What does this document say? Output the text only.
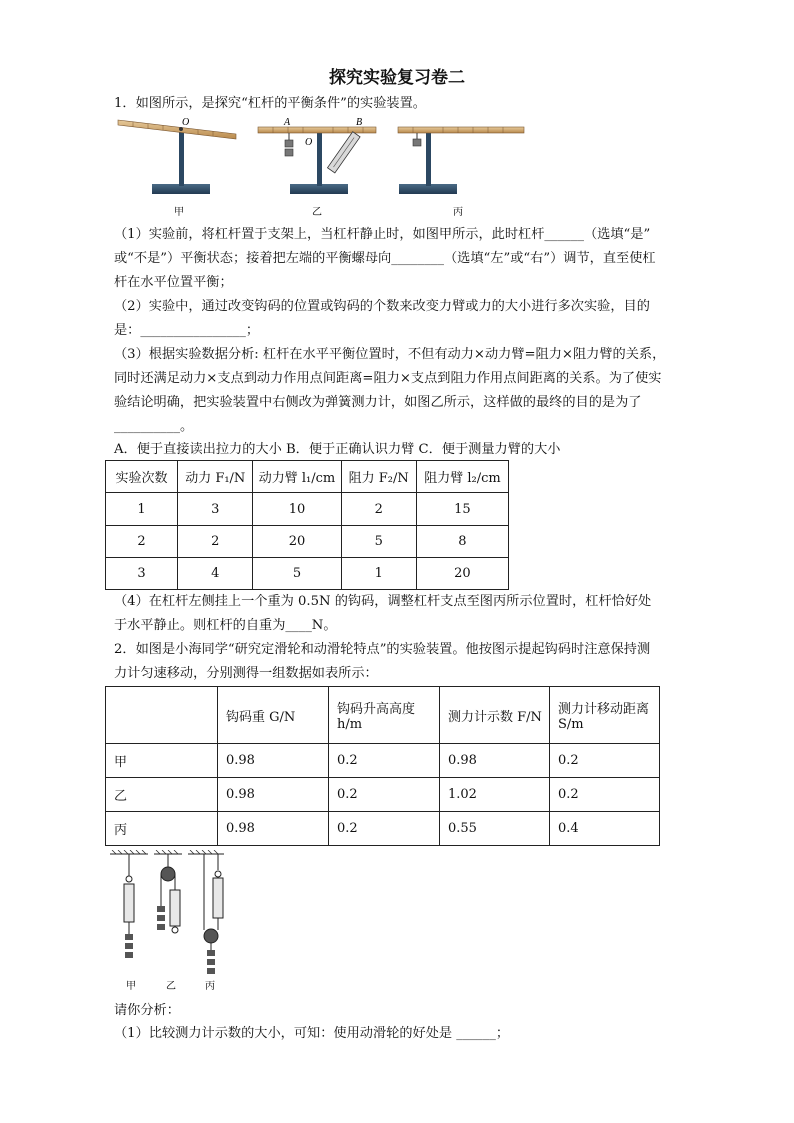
探究实验复习卷二
1．如图所示，是探究“杠杆的平衡条件”的实验装置。
O	A	B
O
甲	乙	丙
（1）实验前，将杠杆置于支架上，当杠杆静止时，如图甲所示，此时杠杆______（选填“是”
或“不是”）平衡状态；接着把左端的平衡螺母向________（选填“左”或“右”）调节，直至使杠
杆在水平位置平衡；
（2）实验中，通过改变钩码的位置或钩码的个数来改变力臂或力的大小进行多次实验，目的
是：________________；
（3）根据实验数据分析: 杠杆在水平平衡位置时，不但有动力×动力臂=阻力×阻力臂的关系，
同时还满足动力×支点到动力作用点间距离=阻力×支点到阻力作用点间距离的关系。为了使实
验结论明确，把实验装置中右侧改为弹簧测力计，如图乙所示，这样做的最终的目的是为了
__________。
A．便于直接读出拉力的大小 B．便于正确认识力臂 C．便于测量力臂的大小
实验次数	动力 F₁/N	动力臂 l₁/cm	阻力 F₂/N	阻力臂 l₂/cm
1	3	10	2	15
2	2	20	5	8
3	4	5	1	20
（4）在杠杆左侧挂上一个重为 0.5N 的钩码，调整杠杆支点至图丙所示位置时，杠杆恰好处
于水平静止。则杠杆的自重为____N。
2．如图是小海同学“研究定滑轮和动滑轮特点”的实验装置。他按图示提起钩码时注意保持测
力计匀速移动，分别测得一组数据如表所示：
	钩码重 G/N	钩码升高高度 h/m	测力计示数 F/N	测力计移动距离 S/m
甲	0.98	0.2	0.98	0.2
乙	0.98	0.2	1.02	0.2
丙	0.98	0.2	0.55	0.4
甲	乙	丙
请你分析：
（1）比较测力计示数的大小，可知：使用动滑轮的好处是 ______；
